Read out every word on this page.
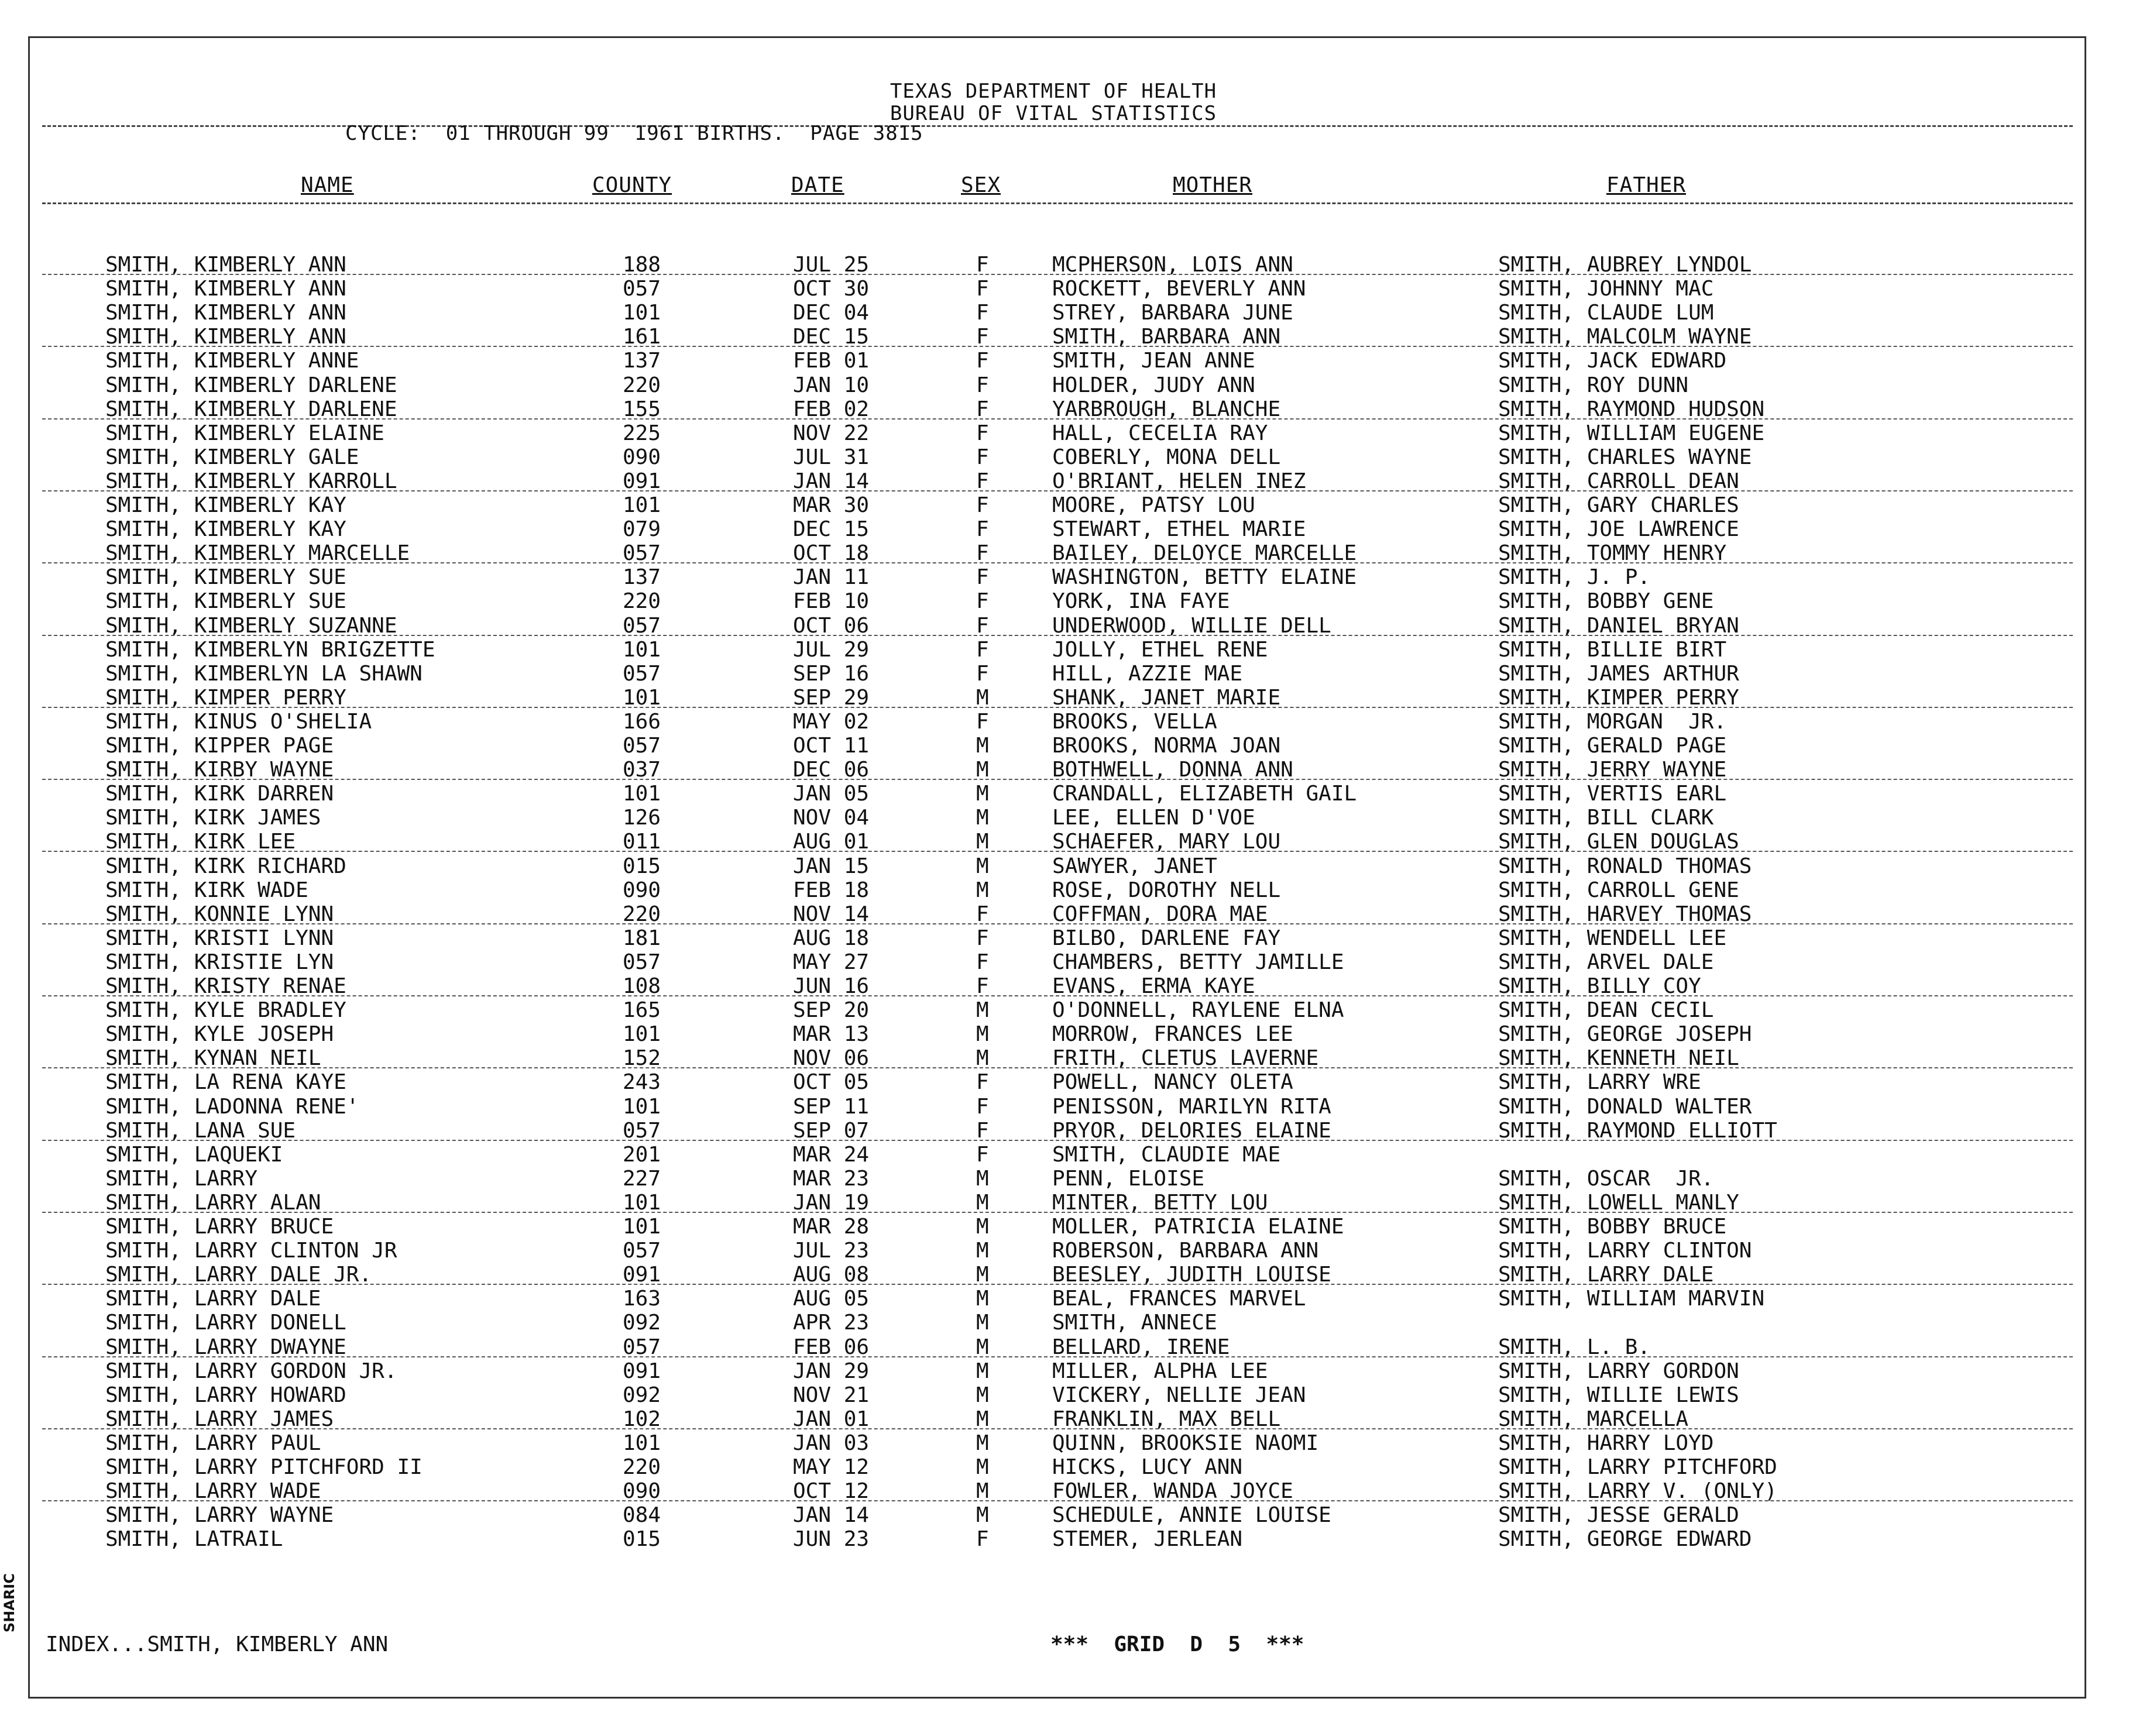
TEXAS DEPARTMENT OF HEALTH
BUREAU OF VITAL STATISTICS
CYCLE:  01 THROUGH 99  1961 BIRTHS.  PAGE 3815
NAME	COUNTY	DATE	SEX	MOTHER	FATHER
SMITH, KIMBERLY ANN	188	JUL 25	F	MCPHERSON, LOIS ANN	SMITH, AUBREY LYNDOL
SMITH, KIMBERLY ANN	057	OCT 30	F	ROCKETT, BEVERLY ANN	SMITH, JOHNNY MAC
SMITH, KIMBERLY ANN	101	DEC 04	F	STREY, BARBARA JUNE	SMITH, CLAUDE LUM
SMITH, KIMBERLY ANN	161	DEC 15	F	SMITH, BARBARA ANN	SMITH, MALCOLM WAYNE
SMITH, KIMBERLY ANNE	137	FEB 01	F	SMITH, JEAN ANNE	SMITH, JACK EDWARD
SMITH, KIMBERLY DARLENE	220	JAN 10	F	HOLDER, JUDY ANN	SMITH, ROY DUNN
SMITH, KIMBERLY DARLENE	155	FEB 02	F	YARBROUGH, BLANCHE	SMITH, RAYMOND HUDSON
SMITH, KIMBERLY ELAINE	225	NOV 22	F	HALL, CECELIA RAY	SMITH, WILLIAM EUGENE
SMITH, KIMBERLY GALE	090	JUL 31	F	COBERLY, MONA DELL	SMITH, CHARLES WAYNE
SMITH, KIMBERLY KARROLL	091	JAN 14	F	O'BRIANT, HELEN INEZ	SMITH, CARROLL DEAN
SMITH, KIMBERLY KAY	101	MAR 30	F	MOORE, PATSY LOU	SMITH, GARY CHARLES
SMITH, KIMBERLY KAY	079	DEC 15	F	STEWART, ETHEL MARIE	SMITH, JOE LAWRENCE
SMITH, KIMBERLY MARCELLE	057	OCT 18	F	BAILEY, DELOYCE MARCELLE	SMITH, TOMMY HENRY
SMITH, KIMBERLY SUE	137	JAN 11	F	WASHINGTON, BETTY ELAINE	SMITH, J. P.
SMITH, KIMBERLY SUE	220	FEB 10	F	YORK, INA FAYE	SMITH, BOBBY GENE
SMITH, KIMBERLY SUZANNE	057	OCT 06	F	UNDERWOOD, WILLIE DELL	SMITH, DANIEL BRYAN
SMITH, KIMBERLYN BRIGZETTE	101	JUL 29	F	JOLLY, ETHEL RENE	SMITH, BILLIE BIRT
SMITH, KIMBERLYN LA SHAWN	057	SEP 16	F	HILL, AZZIE MAE	SMITH, JAMES ARTHUR
SMITH, KIMPER PERRY	101	SEP 29	M	SHANK, JANET MARIE	SMITH, KIMPER PERRY
SMITH, KINUS O'SHELIA	166	MAY 02	F	BROOKS, VELLA	SMITH, MORGAN  JR.
SMITH, KIPPER PAGE	057	OCT 11	M	BROOKS, NORMA JOAN	SMITH, GERALD PAGE
SMITH, KIRBY WAYNE	037	DEC 06	M	BOTHWELL, DONNA ANN	SMITH, JERRY WAYNE
SMITH, KIRK DARREN	101	JAN 05	M	CRANDALL, ELIZABETH GAIL	SMITH, VERTIS EARL
SMITH, KIRK JAMES	126	NOV 04	M	LEE, ELLEN D'VOE	SMITH, BILL CLARK
SMITH, KIRK LEE	011	AUG 01	M	SCHAEFER, MARY LOU	SMITH, GLEN DOUGLAS
SMITH, KIRK RICHARD	015	JAN 15	M	SAWYER, JANET	SMITH, RONALD THOMAS
SMITH, KIRK WADE	090	FEB 18	M	ROSE, DOROTHY NELL	SMITH, CARROLL GENE
SMITH, KONNIE LYNN	220	NOV 14	F	COFFMAN, DORA MAE	SMITH, HARVEY THOMAS
SMITH, KRISTI LYNN	181	AUG 18	F	BILBO, DARLENE FAY	SMITH, WENDELL LEE
SMITH, KRISTIE LYN	057	MAY 27	F	CHAMBERS, BETTY JAMILLE	SMITH, ARVEL DALE
SMITH, KRISTY RENAE	108	JUN 16	F	EVANS, ERMA KAYE	SMITH, BILLY COY
SMITH, KYLE BRADLEY	165	SEP 20	M	O'DONNELL, RAYLENE ELNA	SMITH, DEAN CECIL
SMITH, KYLE JOSEPH	101	MAR 13	M	MORROW, FRANCES LEE	SMITH, GEORGE JOSEPH
SMITH, KYNAN NEIL	152	NOV 06	M	FRITH, CLETUS LAVERNE	SMITH, KENNETH NEIL
SMITH, LA RENA KAYE	243	OCT 05	F	POWELL, NANCY OLETA	SMITH, LARRY WRE
SMITH, LADONNA RENE'	101	SEP 11	F	PENISSON, MARILYN RITA	SMITH, DONALD WALTER
SMITH, LANA SUE	057	SEP 07	F	PRYOR, DELORIES ELAINE	SMITH, RAYMOND ELLIOTT
SMITH, LAQUEKI	201	MAR 24	F	SMITH, CLAUDIE MAE
SMITH, LARRY	227	MAR 23	M	PENN, ELOISE	SMITH, OSCAR  JR.
SMITH, LARRY ALAN	101	JAN 19	M	MINTER, BETTY LOU	SMITH, LOWELL MANLY
SMITH, LARRY BRUCE	101	MAR 28	M	MOLLER, PATRICIA ELAINE	SMITH, BOBBY BRUCE
SMITH, LARRY CLINTON JR	057	JUL 23	M	ROBERSON, BARBARA ANN	SMITH, LARRY CLINTON
SMITH, LARRY DALE JR.	091	AUG 08	M	BEESLEY, JUDITH LOUISE	SMITH, LARRY DALE
SMITH, LARRY DALE	163	AUG 05	M	BEAL, FRANCES MARVEL	SMITH, WILLIAM MARVIN
SMITH, LARRY DONELL	092	APR 23	M	SMITH, ANNECE
SMITH, LARRY DWAYNE	057	FEB 06	M	BELLARD, IRENE	SMITH, L. B.
SMITH, LARRY GORDON JR.	091	JAN 29	M	MILLER, ALPHA LEE	SMITH, LARRY GORDON
SMITH, LARRY HOWARD	092	NOV 21	M	VICKERY, NELLIE JEAN	SMITH, WILLIE LEWIS
SMITH, LARRY JAMES	102	JAN 01	M	FRANKLIN, MAX BELL	SMITH, MARCELLA
SMITH, LARRY PAUL	101	JAN 03	M	QUINN, BROOKSIE NAOMI	SMITH, HARRY LOYD
SMITH, LARRY PITCHFORD II	220	MAY 12	M	HICKS, LUCY ANN	SMITH, LARRY PITCHFORD
SMITH, LARRY WADE	090	OCT 12	M	FOWLER, WANDA JOYCE	SMITH, LARRY V. (ONLY)
SMITH, LARRY WAYNE	084	JAN 14	M	SCHEDULE, ANNIE LOUISE	SMITH, JESSE GERALD
SMITH, LATRAIL	015	JUN 23	F	STEMER, JERLEAN	SMITH, GEORGE EDWARD
INDEX...SMITH, KIMBERLY ANN	***  GRID  D  5  ***
SHARIC
